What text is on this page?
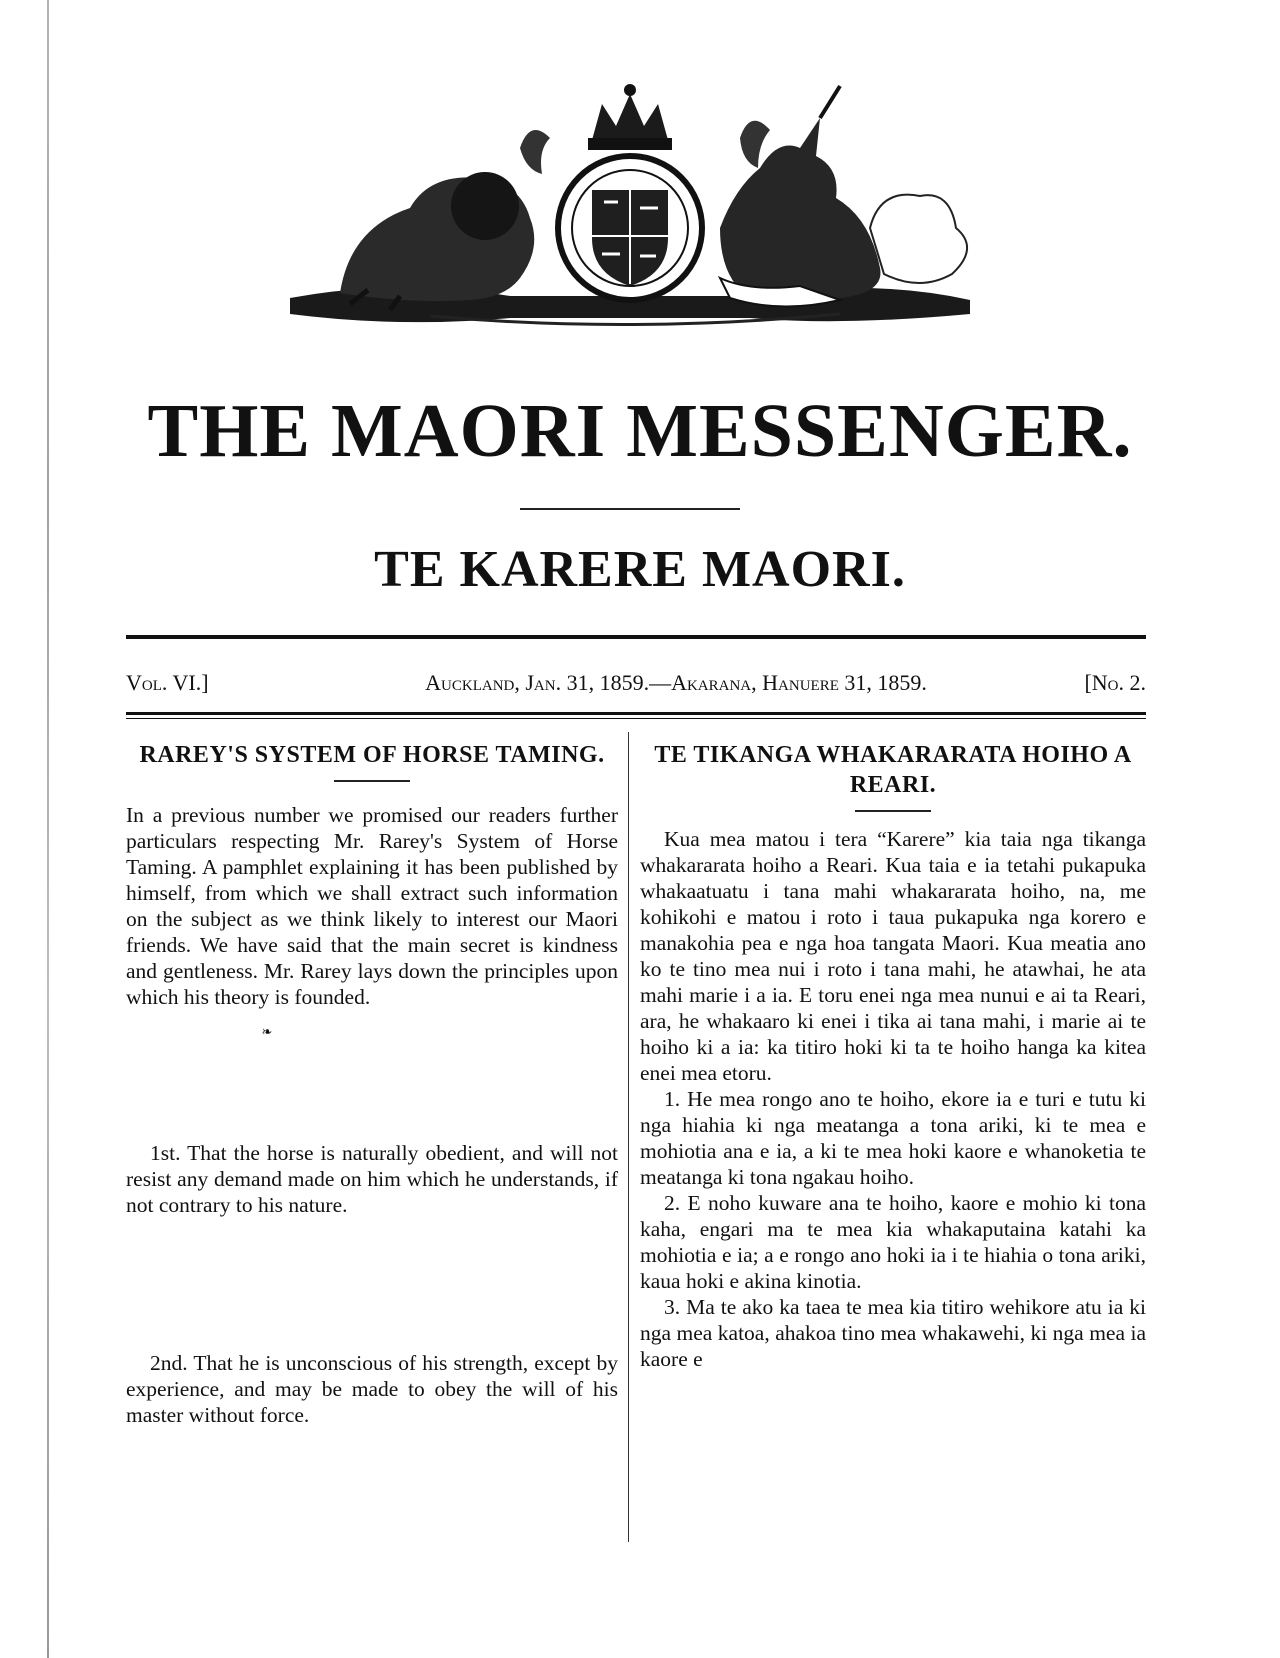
THE MAORI MESSENGER.
TE KARERE MAORI.
Vol. VI.]	Auckland, Jan. 31, 1859.—Akarana, Hanuere 31, 1859.	[No. 2.
RAREY'S SYSTEM OF HORSE TAMING.

In a previous number we promised our readers further particulars respecting Mr. Rarey's System of Horse Taming. A pamphlet explaining it has been published by himself, from which we shall extract such information on the subject as we think likely to interest our Maori friends. We have said that the main secret is kindness and gentleness. Mr. Rarey lays down the principles upon which his theory is founded.

❧

1st. That the horse is naturally obedient, and will not resist any demand made on him which he understands, if not contrary to his nature.

2nd. That he is unconscious of his strength, except by experience, and may be made to obey the will of his master without force.

TE TIKANGA WHAKARARATA HOIHO A REARI.

Kua mea matou i tera “Karere” kia taia nga tikanga whakararata hoiho a Reari. Kua taia e ia tetahi pukapuka whakaatuatu i tana mahi whakararata hoiho, na, me kohikohi e matou i roto i taua pukapuka nga korero e manakohia pea e nga hoa tangata Maori. Kua meatia ano ko te tino mea nui i roto i tana mahi, he atawhai, he ata mahi marie i a ia. E toru enei nga mea nunui e ai ta Reari, ara, he whakaaro ki enei i tika ai tana mahi, i marie ai te hoiho ki a ia: ka titiro hoki ki ta te hoiho hanga ka kitea enei mea etoru.

1. He mea rongo ano te hoiho, ekore ia e turi e tutu ki nga hiahia ki nga meatanga a tona ariki, ki te mea e mohiotia ana e ia, a ki te mea hoki kaore e whanoketia te meatanga ki tona ngakau hoiho.

2. E noho kuware ana te hoiho, kaore e mohio ki tona kaha, engari ma te mea kia whakaputaina katahi ka mohiotia e ia; a e rongo ano hoki ia i te hiahia o tona ariki, kaua hoki e akina kinotia.

3. Ma te ako ka taea te mea kia titiro wehikore atu ia ki nga mea katoa, ahakoa tino mea whakawehi, ki nga mea ia kaore e
